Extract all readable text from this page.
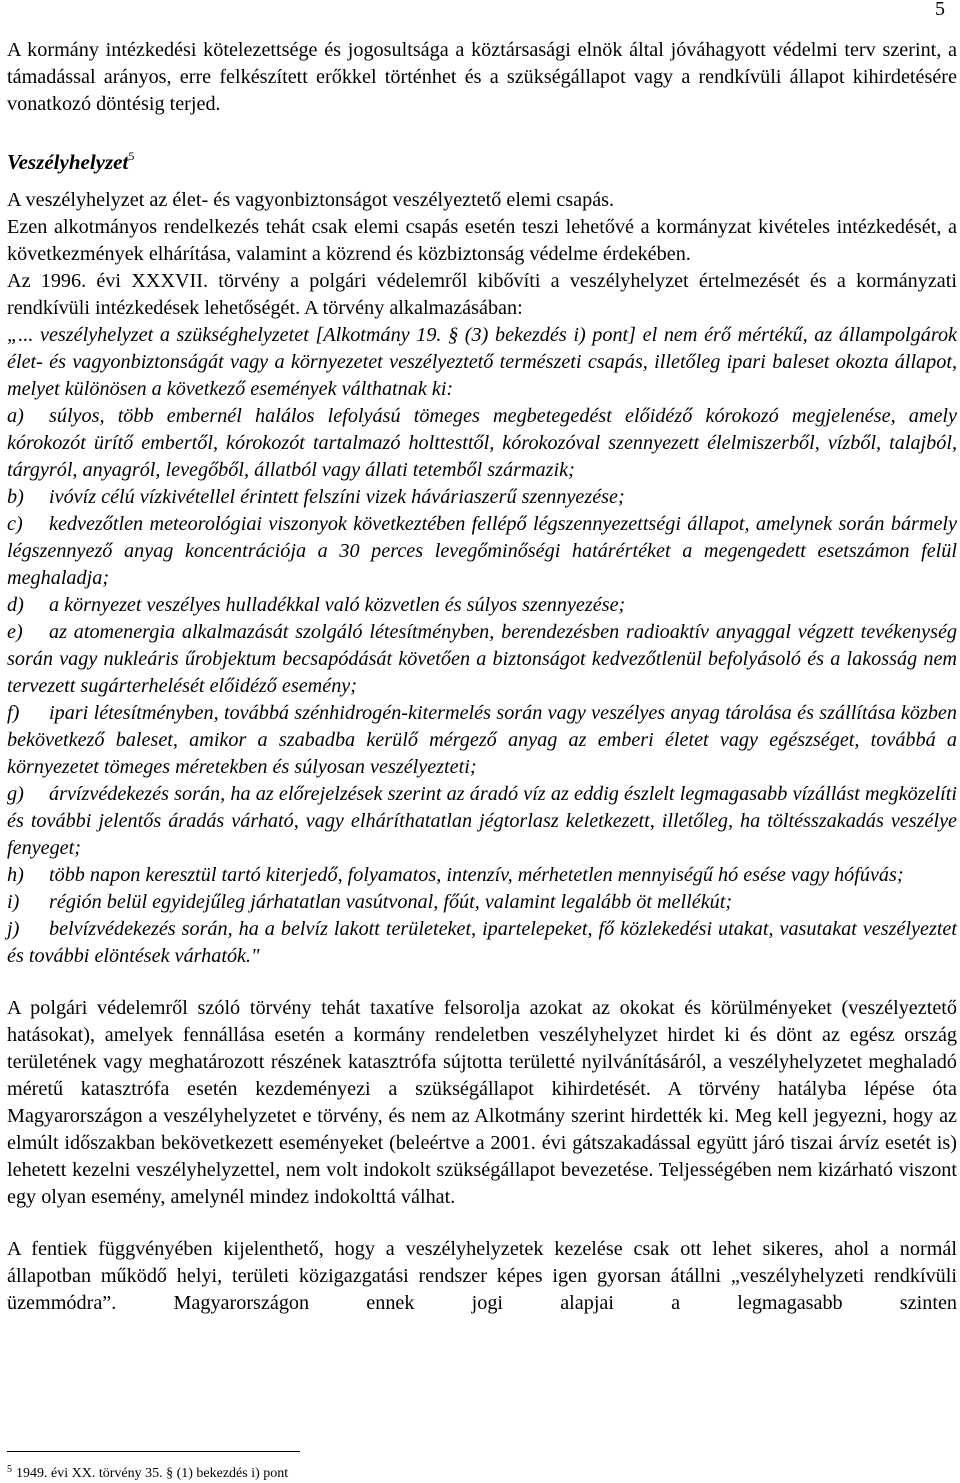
5

A kormány intézkedési kötelezettsége és jogosultsága a köztársasági elnök által jóváhagyott védelmi terv szerint, a támadással arányos, erre felkészített erőkkel történhet és a szükségállapot vagy a rendkívüli állapot kihirdetésére vonatkozó döntésig terjed.

Veszélyhelyzet$^5$

A veszélyhelyzet az élet- és vagyonbiztonságot veszélyeztető elemi csapás.

Ezen alkotmányos rendelkezés tehát csak elemi csapás esetén teszi lehetővé a kormányzat kivételes intézkedését, a következmények elhárítása, valamint a közrend és közbiztonság védelme érdekében.

Az 1996. évi XXXVII. törvény a polgári védelemről kibővíti a veszélyhelyzet értelmezését és a kormányzati rendkívüli intézkedések lehetőségét. A törvény alkalmazásában:

„... veszélyhelyzet a szükséghelyzetet [Alkotmány 19. § (3) bekezdés i) pont] el nem érő mértékű, az állampolgárok élet- és vagyonbiztonságát vagy a környezetet veszélyeztető természeti csapás, illetőleg ipari baleset okozta állapot, melyet különösen a következő események válthatnak ki:

a) súlyos, több embernél halálos lefolyású tömeges megbetegedést előidéző kórokozó megjelenése, amely kórokozót ürítő embertől, kórokozót tartalmazó holttesttől, kórokozóval szennyezett élelmiszerből, vízből, talajból, tárgyról, anyagról, levegőből, állatból vagy állati tetemből származik;
b) ivóvíz célú vízkivétellel érintett felszíni vizek háváriaszerű szennyezése;
c) kedvezőtlen meteorológiai viszonyok következtében fellépő légszennyezettségi állapot, amelynek során bármely légszennyező anyag koncentrációja a 30 perces levegőminőségi határértéket a megengedett esetszámon felül meghaladja;
d) a környezet veszélyes hulladékkal való közvetlen és súlyos szennyezése;
e) az atomenergia alkalmazását szolgáló létesítményben, berendezésben radioaktív anyaggal végzett tevékenység során vagy nukleáris űrobjektum becsapódását követően a biztonságot kedvezőtlenül befolyásoló és a lakosság nem tervezett sugárterhelését előidéző esemény;
f) ipari létesítményben, továbbá szénhidrogén-kitermelés során vagy veszélyes anyag tárolása és szállítása közben bekövetkező baleset, amikor a szabadba kerülő mérgező anyag az emberi életet vagy egészséget, továbbá a környezetet tömeges méretekben és súlyosan veszélyezteti;
g) árvízvédekezés során, ha az előrejelzések szerint az áradó víz az eddig észlelt legmagasabb vízállást megközelíti és további jelentős áradás várható, vagy elháríthatatlan jégtorlasz keletkezett, illetőleg, ha töltésszakadás veszélye fenyeget;
h) több napon keresztül tartó kiterjedő, folyamatos, intenzív, mérhetetlen mennyiségű hó esése vagy hófúvás;
i) régión belül egyidejűleg járhatatlan vasútvonal, főút, valamint legalább öt mellékút;
j) belvízvédekezés során, ha a belvíz lakott területeket, ipartelepeket, fő közlekedési utakat, vasutakat veszélyeztet és további elöntések várhatók."

A polgári védelemről szóló törvény tehát taxatíve felsorolja azokat az okokat és körülményeket (veszélyeztető hatásokat), amelyek fennállása esetén a kormány rendeletben veszélyhelyzet hirdet ki és dönt az egész ország területének vagy meghatározott részének katasztrófa sújtotta területté nyilvánításáról, a veszélyhelyzetet meghaladó méretű katasztrófa esetén kezdeményezi a szükségállapot kihirdetését. A törvény hatályba lépése óta Magyarországon a veszélyhelyzetet e törvény, és nem az Alkotmány szerint hirdették ki. Meg kell jegyezni, hogy az elmúlt időszakban bekövetkezett eseményeket (beleértve a 2001. évi gátszakadással együtt járó tiszai árvíz esetét is) lehetett kezelni veszélyhelyzettel, nem volt indokolt szükségállapot bevezetése. Teljességében nem kizárható viszont egy olyan esemény, amelynél mindez indokolttá válhat.

A fentiek függvényében kijelenthető, hogy a veszélyhelyzetek kezelése csak ott lehet sikeres, ahol a normál állapotban működő helyi, területi közigazgatási rendszer képes igen gyorsan átállni „veszélyhelyzeti rendkívüli üzemmódra”. Magyarországon ennek jogi alapjai a legmagasabb szinten

$^5$ 1949. évi XX. törvény 35. § (1) bekezdés i) pont
